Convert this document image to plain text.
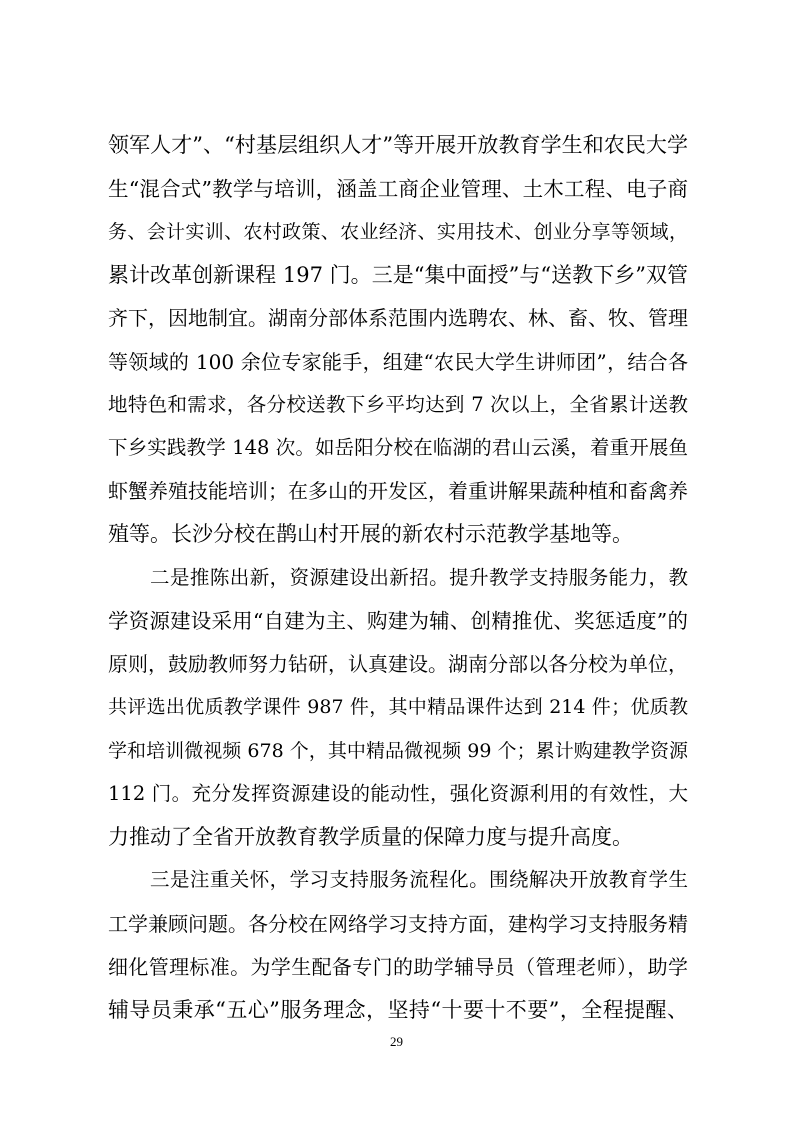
领军人才”、“村基层组织人才”等开展开放教育学生和农民大学
生“混合式”教学与培训，涵盖工商企业管理、土木工程、电子商
务、会计实训、农村政策、农业经济、实用技术、创业分享等领域，
累计改革创新课程 197 门。三是“集中面授”与“送教下乡”双管
齐下，因地制宜。湖南分部体系范围内选聘农、林、畜、牧、管理
等领域的 100 余位专家能手，组建“农民大学生讲师团”，结合各
地特色和需求，各分校送教下乡平均达到 7 次以上，全省累计送教
下乡实践教学 148 次。如岳阳分校在临湖的君山云溪，着重开展鱼
虾蟹养殖技能培训；在多山的开发区，着重讲解果蔬种植和畜禽养
殖等。长沙分校在鹊山村开展的新农村示范教学基地等。
二是推陈出新，资源建设出新招。提升教学支持服务能力，教
学资源建设采用“自建为主、购建为辅、创精推优、奖惩适度”的
原则，鼓励教师努力钻研，认真建设。湖南分部以各分校为单位，
共评选出优质教学课件 987 件，其中精品课件达到 214 件；优质教
学和培训微视频 678 个，其中精品微视频 99 个；累计购建教学资源
112 门。充分发挥资源建设的能动性，强化资源利用的有效性，大
力推动了全省开放教育教学质量的保障力度与提升高度。
三是注重关怀，学习支持服务流程化。围绕解决开放教育学生
工学兼顾问题。各分校在网络学习支持方面，建构学习支持服务精
细化管理标准。为学生配备专门的助学辅导员（管理老师），助学
辅导员秉承“五心”服务理念，坚持“十要十不要”，全程提醒、
29
